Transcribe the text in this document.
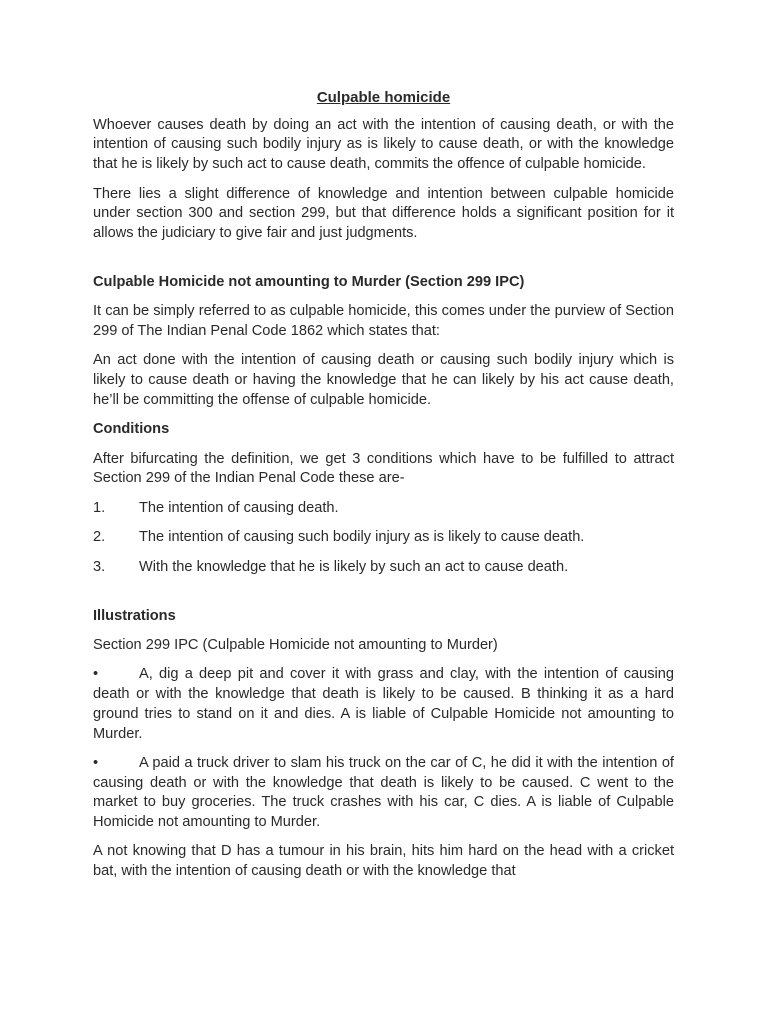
Culpable homicide

Whoever causes death by doing an act with the intention of causing death, or with the intention of causing such bodily injury as is likely to cause death, or with the knowledge that he is likely by such act to cause death, commits the offence of culpable homicide.

There lies a slight difference of knowledge and intention between culpable homicide under section 300 and section 299, but that difference holds a significant position for it allows the judiciary to give fair and just judgments.

Culpable Homicide not amounting to Murder (Section 299 IPC)

It can be simply referred to as culpable homicide, this comes under the purview of Section 299 of The Indian Penal Code 1862 which states that:

An act done with the intention of causing death or causing such bodily injury which is likely to cause death or having the knowledge that he can likely by his act cause death, he’ll be committing the offense of culpable homicide.

Conditions

After bifurcating the definition, we get 3 conditions which have to be fulfilled to attract Section 299 of the Indian Penal Code these are-

1.	The intention of causing death.
2.	The intention of causing such bodily injury as is likely to cause death.
3.	With the knowledge that he is likely by such an act to cause death.
Illustrations

Section 299 IPC (Culpable Homicide not amounting to Murder)

•	A, dig a deep pit and cover it with grass and clay, with the intention of causing death or with the knowledge that death is likely to be caused. B thinking it as a hard ground tries to stand on it and dies. A is liable of Culpable Homicide not amounting to Murder.

•	A paid a truck driver to slam his truck on the car of C, he did it with the intention of causing death or with the knowledge that death is likely to be caused. C went to the market to buy groceries. The truck crashes with his car, C dies. A is liable of Culpable Homicide not amounting to Murder.

A not knowing that D has a tumour in his brain, hits him hard on the head with a cricket bat, with the intention of causing death or with the knowledge that
